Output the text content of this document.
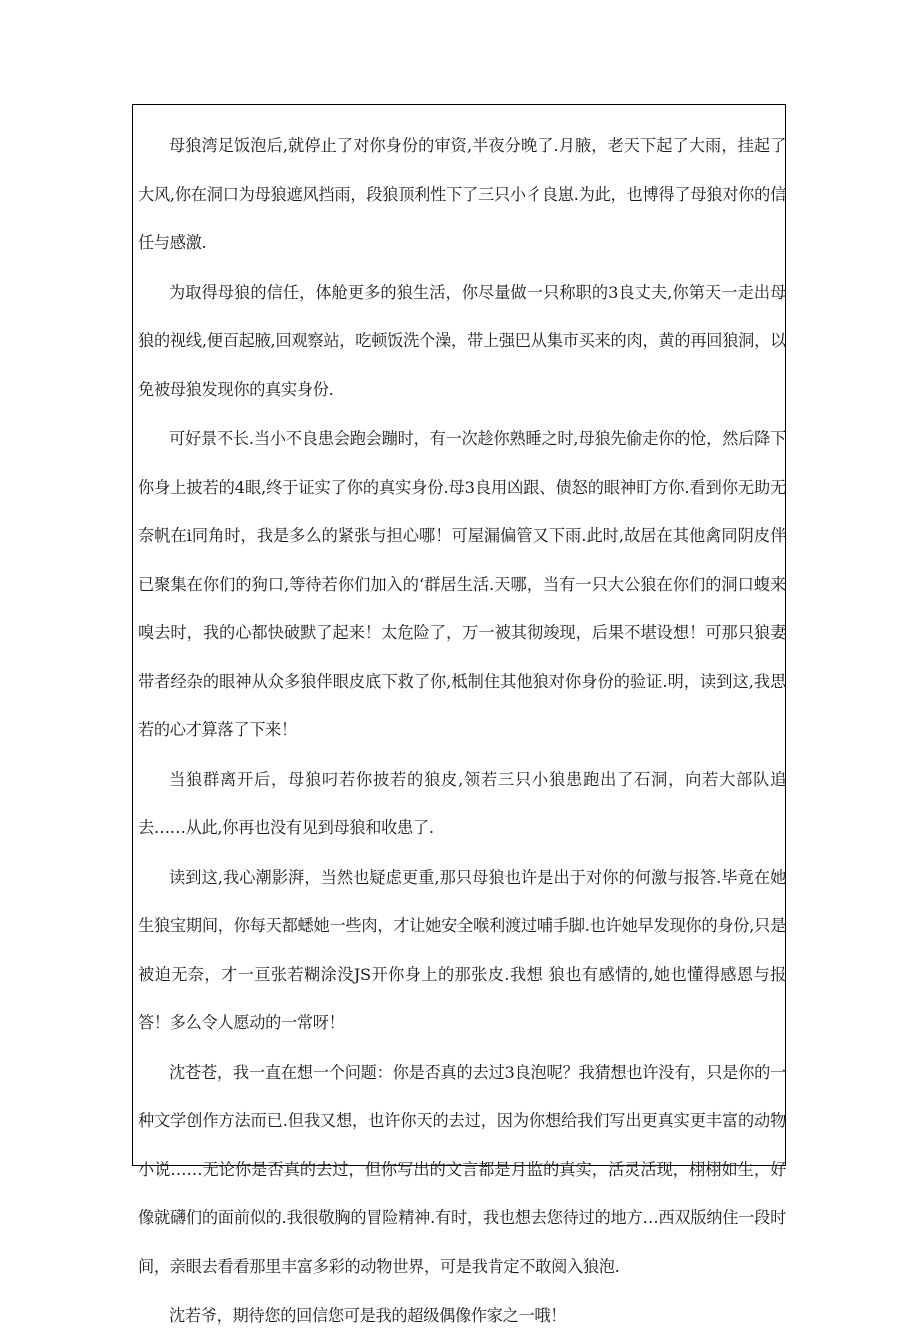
母狼湾足饭泡后,就停止了对你身份的审资,半夜分晚了.月腋，老天下起了大雨，挂起了大风,你在洞口为母狼遮风挡雨，段狼顶利性下了三只小彳良崽.为此，也博得了母狼对你的信任与感激.

为取得母狼的信任，体舱更多的狼生活，你尽量做一只称职的3良丈夫,你第天一走出母狼的视线,便百起腋,回观察站，吃顿饭洗个澡，带上强巴从集市买来的肉，黄的再回狼洞，以免被母狼发现你的真实身份.

可好景不长.当小不良患会跑会蹦时，有一次趁你熟睡之时,母狼先偷走你的怆，然后降下你身上披若的4眼,终于证实了你的真实身份.母3良用凶跟、债怒的眼神盯方你.看到你无助无奈帆在i同角时，我是多么的紧张与担心哪！可屋漏偏管又下雨.此时,故居在其他禽同阴皮伴已聚集在你们的狗口,等待若你们加入的‘群居生活.天哪，当有一只大公狼在你们的洞口蝮来嗅去时，我的心都快破默了起来！太危险了，万一被其彻竣现，后果不堪设想！可那只狼妻带者经杂的眼神从众多狼伴眼皮底下救了你,柢制住其他狼对你身份的验证.明，读到这,我思若的心才算落了下来！

当狼群离开后，母狼叼若你披若的狼皮,领若三只小狼患跑出了石洞，向若大部队追去……从此,你再也没有见到母狼和收患了.

读到这,我心潮影湃，当然也疑虑更重,那只母狼也许是出于对你的何激与报答.毕竟在她生狼宝期间，你每天都蟋她一些肉，才让她安全喉利渡过哺手脚.也许她早发现你的身份,只是被迫无奈，才一亘张若糊涂没JS开你身上的那张皮.我想 狼也有感情的,她也懂得感恩与报答！多么令人愿动的一常呀！

沈苍苍，我一直在想一个问题：你是否真的去过3良泡呢？我猜想也许没有，只是你的一种文学创作方法而已.但我又想，也许你天的去过，因为你想给我们写出更真实更丰富的动物小说……无论你是否真的去过，但你写出的文言都是月监的真实，活灵活现，栩栩如生，好像就礴们的面前似的.我很敬胸的冒险精神.有时，我也想去您待过的地方…西双版纳住一段时间，亲眼去看看那里丰富多彩的动物世界，可是我肯定不敢阅入狼泡.

沈若爷，期待您的回信您可是我的超级偶像作家之一哦！
